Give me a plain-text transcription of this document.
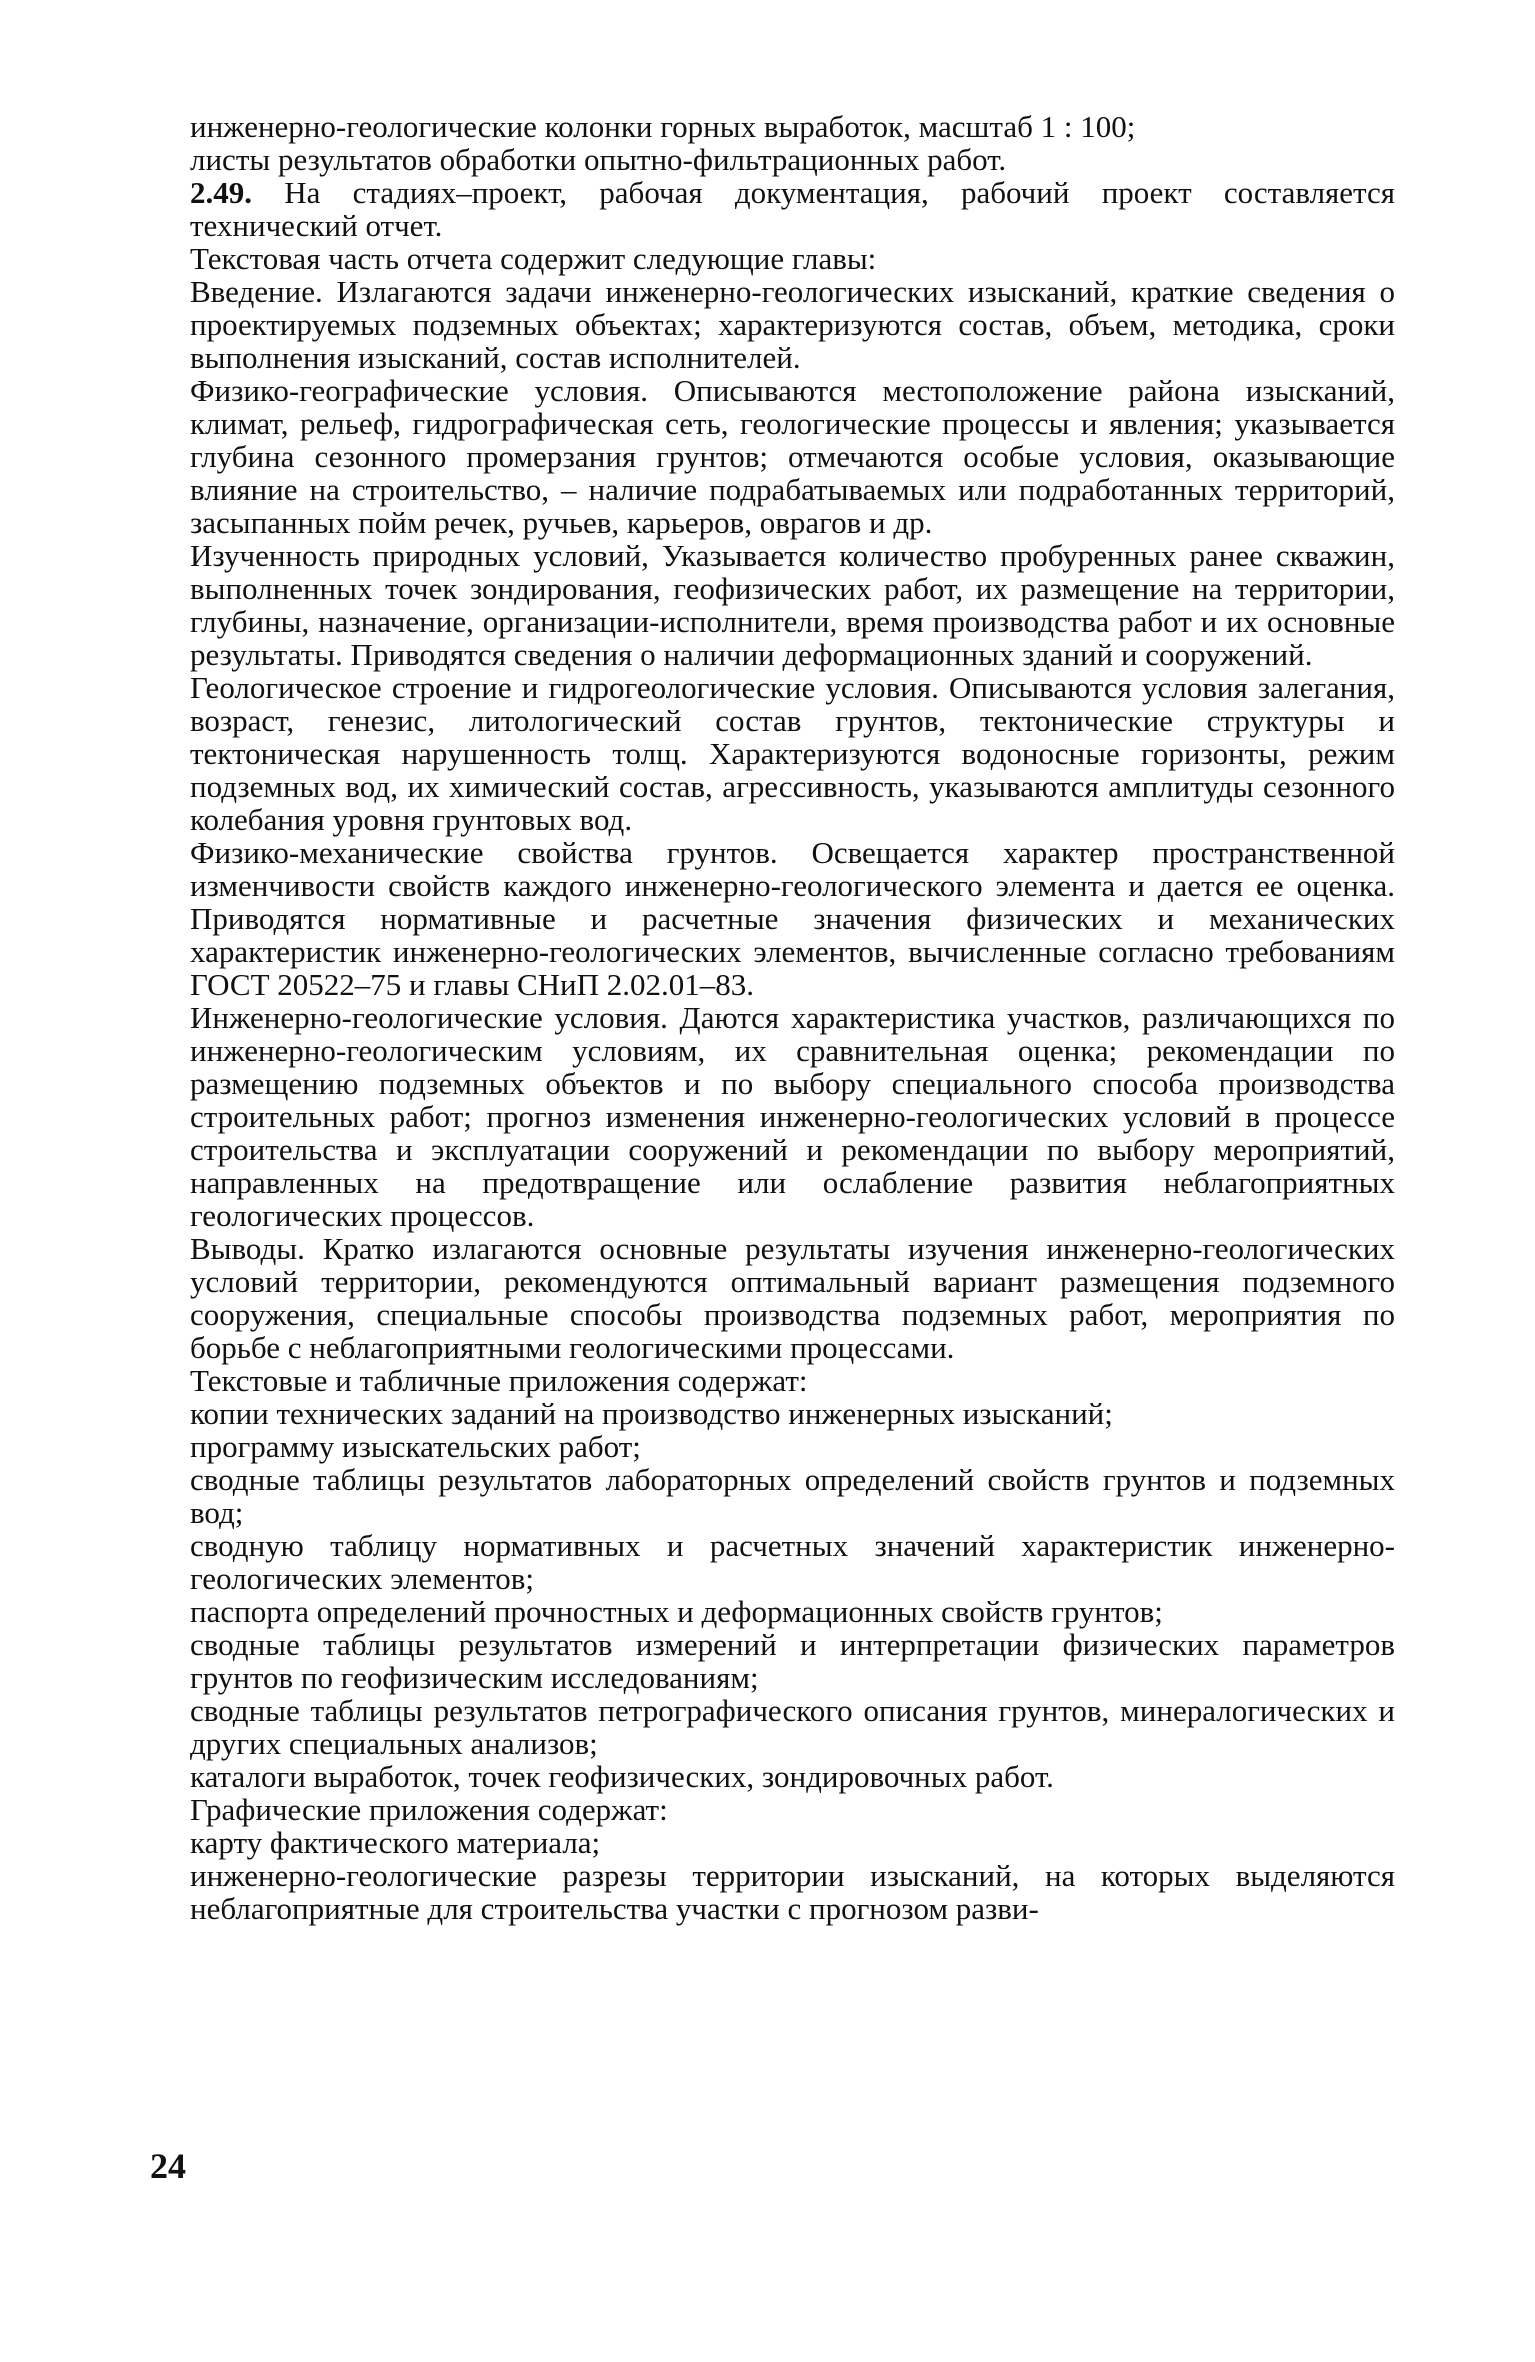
инженерно-геологические колонки горных выработок, масштаб 1 : 100;

листы результатов обработки опытно-фильтрационных работ.

2.49. На стадиях–проект, рабочая документация, рабочий проект составляется технический отчет.

Текстовая часть отчета содержит следующие главы:

Введение. Излагаются задачи инженерно-геологических изысканий, краткие сведения о проектируемых подземных объектах; характеризуются состав, объем, методика, сроки выполнения изысканий, состав исполнителей.

Физико-географические условия. Описываются местоположение района изысканий, климат, рельеф, гидрографическая сеть, геологические процессы и явления; указывается глубина сезонного промерзания грунтов; отмечаются особые условия, оказывающие влияние на строительство, – наличие подрабатываемых или подработанных территорий, засыпанных пойм речек, ручьев, карьеров, оврагов и др.

Изученность природных условий, Указывается количество пробуренных ранее скважин, выполненных точек зондирования, геофизических работ, их размещение на территории, глубины, назначение, организации-исполнители, время производства работ и их основные результаты. Приводятся сведения о наличии деформационных зданий и сооружений.

Геологическое строение и гидрогеологические условия. Описываются условия залегания, возраст, генезис, литологический состав грунтов, тектонические структуры и тектоническая нарушенность толщ. Характеризуются водоносные горизонты, режим подземных вод, их химический состав, агрессивность, указываются амплитуды сезонного колебания уровня грунтовых вод.

Физико-механические свойства грунтов. Освещается характер пространственной изменчивости свойств каждого инженерно-геологического элемента и дается ее оценка. Приводятся нормативные и расчетные значения физических и механических характеристик инженерно-геологических элементов, вычисленные согласно требованиям ГОСТ 20522–75 и главы СНиП 2.02.01–83.

Инженерно-геологические условия. Даются характеристика участков, различающихся по инженерно-геологическим условиям, их сравнительная оценка; рекомендации по размещению подземных объектов и по выбору специального способа производства строительных работ; прогноз изменения инженерно-геологических условий в процессе строительства и эксплуатации сооружений и рекомендации по выбору мероприятий, направленных на предотвращение или ослабление развития неблагоприятных геологических процессов.

Выводы. Кратко излагаются основные результаты изучения инженерно-геологических условий территории, рекомендуются оптимальный вариант размещения подземного сооружения, специальные способы производства подземных работ, мероприятия по борьбе с неблагоприятными геологическими процессами.

Текстовые и табличные приложения содержат:

копии технических заданий на производство инженерных изысканий;

программу изыскательских работ;

сводные таблицы результатов лабораторных определений свойств грунтов и подземных вод;

сводную таблицу нормативных и расчетных значений характеристик инженерно-геологических элементов;

паспорта определений прочностных и деформационных свойств грунтов;

сводные таблицы результатов измерений и интерпретации физических параметров грунтов по геофизическим исследованиям;

сводные таблицы результатов петрографического описания грунтов, минералогических и других специальных анализов;

каталоги выработок, точек геофизических, зондировочных работ.

Графические приложения содержат:

карту фактического материала;

инженерно-геологические разрезы территории изысканий, на которых выделяются неблагоприятные для строительства участки с прогнозом разви-

24
